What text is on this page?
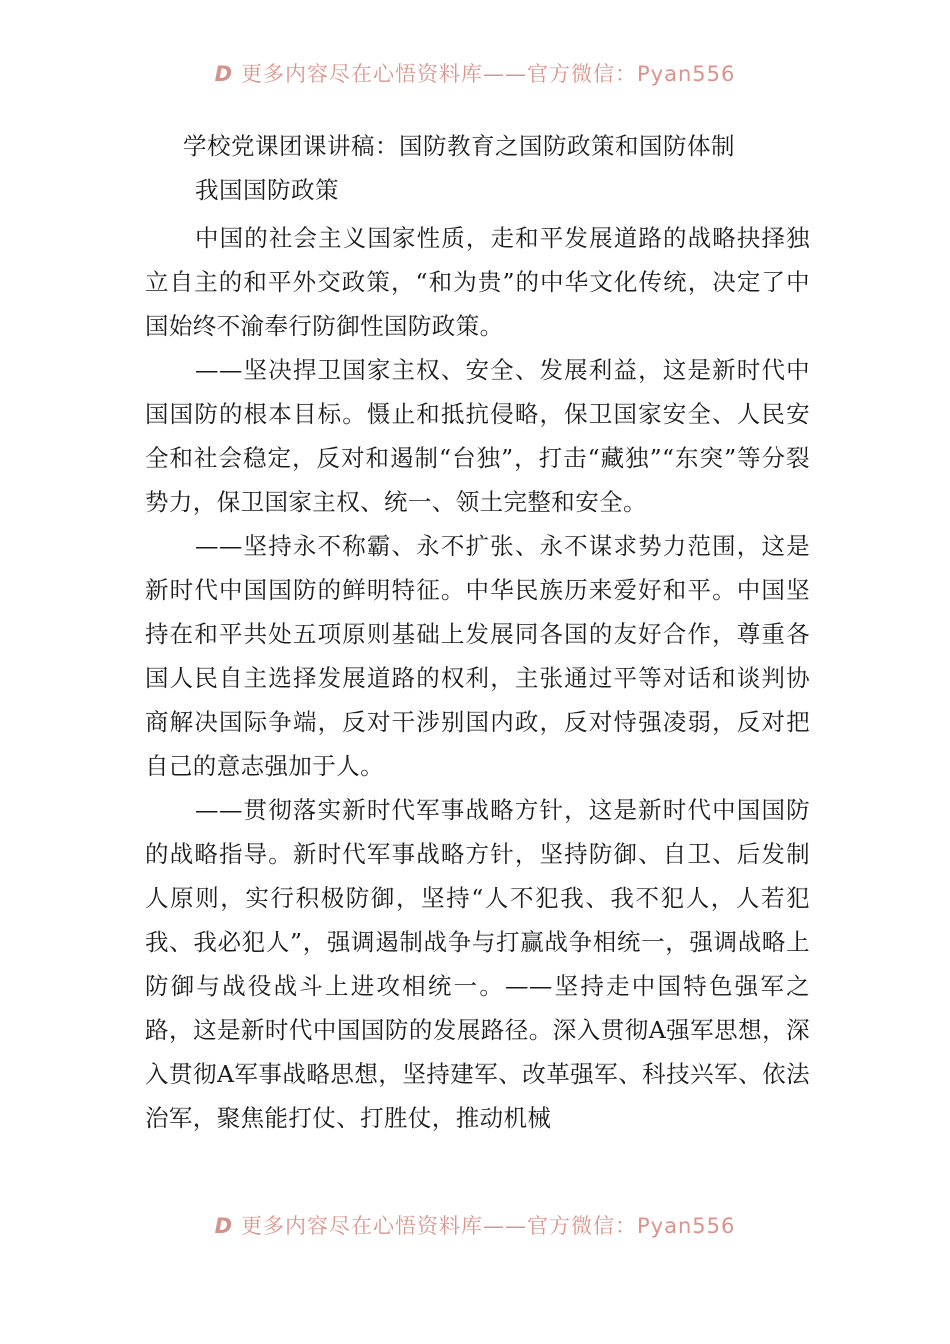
D 更多内容尽在心悟资料库——官方微信：Pyan556
学校党课团课讲稿：国防教育之国防政策和国防体制
我国国防政策

中国的社会主义国家性质，走和平发展道路的战略抉择独立自主的和平外交政策，“和为贵”的中华文化传统，决定了中国始终不渝奉行防御性国防政策。

——坚决捍卫国家主权、安全、发展利益，这是新时代中国国防的根本目标。慑止和抵抗侵略，保卫国家安全、人民安全和社会稳定，反对和遏制“台独”，打击“藏独”“东突”等分裂势力，保卫国家主权、统一、领土完整和安全。

——坚持永不称霸、永不扩张、永不谋求势力范围，这是新时代中国国防的鲜明特征。中华民族历来爱好和平。中国坚持在和平共处五项原则基础上发展同各国的友好合作，尊重各国人民自主选择发展道路的权利，主张通过平等对话和谈判协商解决国际争端，反对干涉别国内政，反对恃强凌弱，反对把自己的意志强加于人。

——贯彻落实新时代军事战略方针，这是新时代中国国防的战略指导。新时代军事战略方针，坚持防御、自卫、后发制人原则，实行积极防御，坚持“人不犯我、我不犯人，人若犯我、我必犯人”，强调遏制战争与打赢战争相统一，强调战略上防御与战役战斗上进攻相统一。——坚持走中国特色强军之路，这是新时代中国国防的发展路径。深入贯彻A强军思想，深入贯彻A军事战略思想，坚持建军、改革强军、科技兴军、依法治军，聚焦能打仗、打胜仗，推动机械

D 更多内容尽在心悟资料库——官方微信：Pyan556
